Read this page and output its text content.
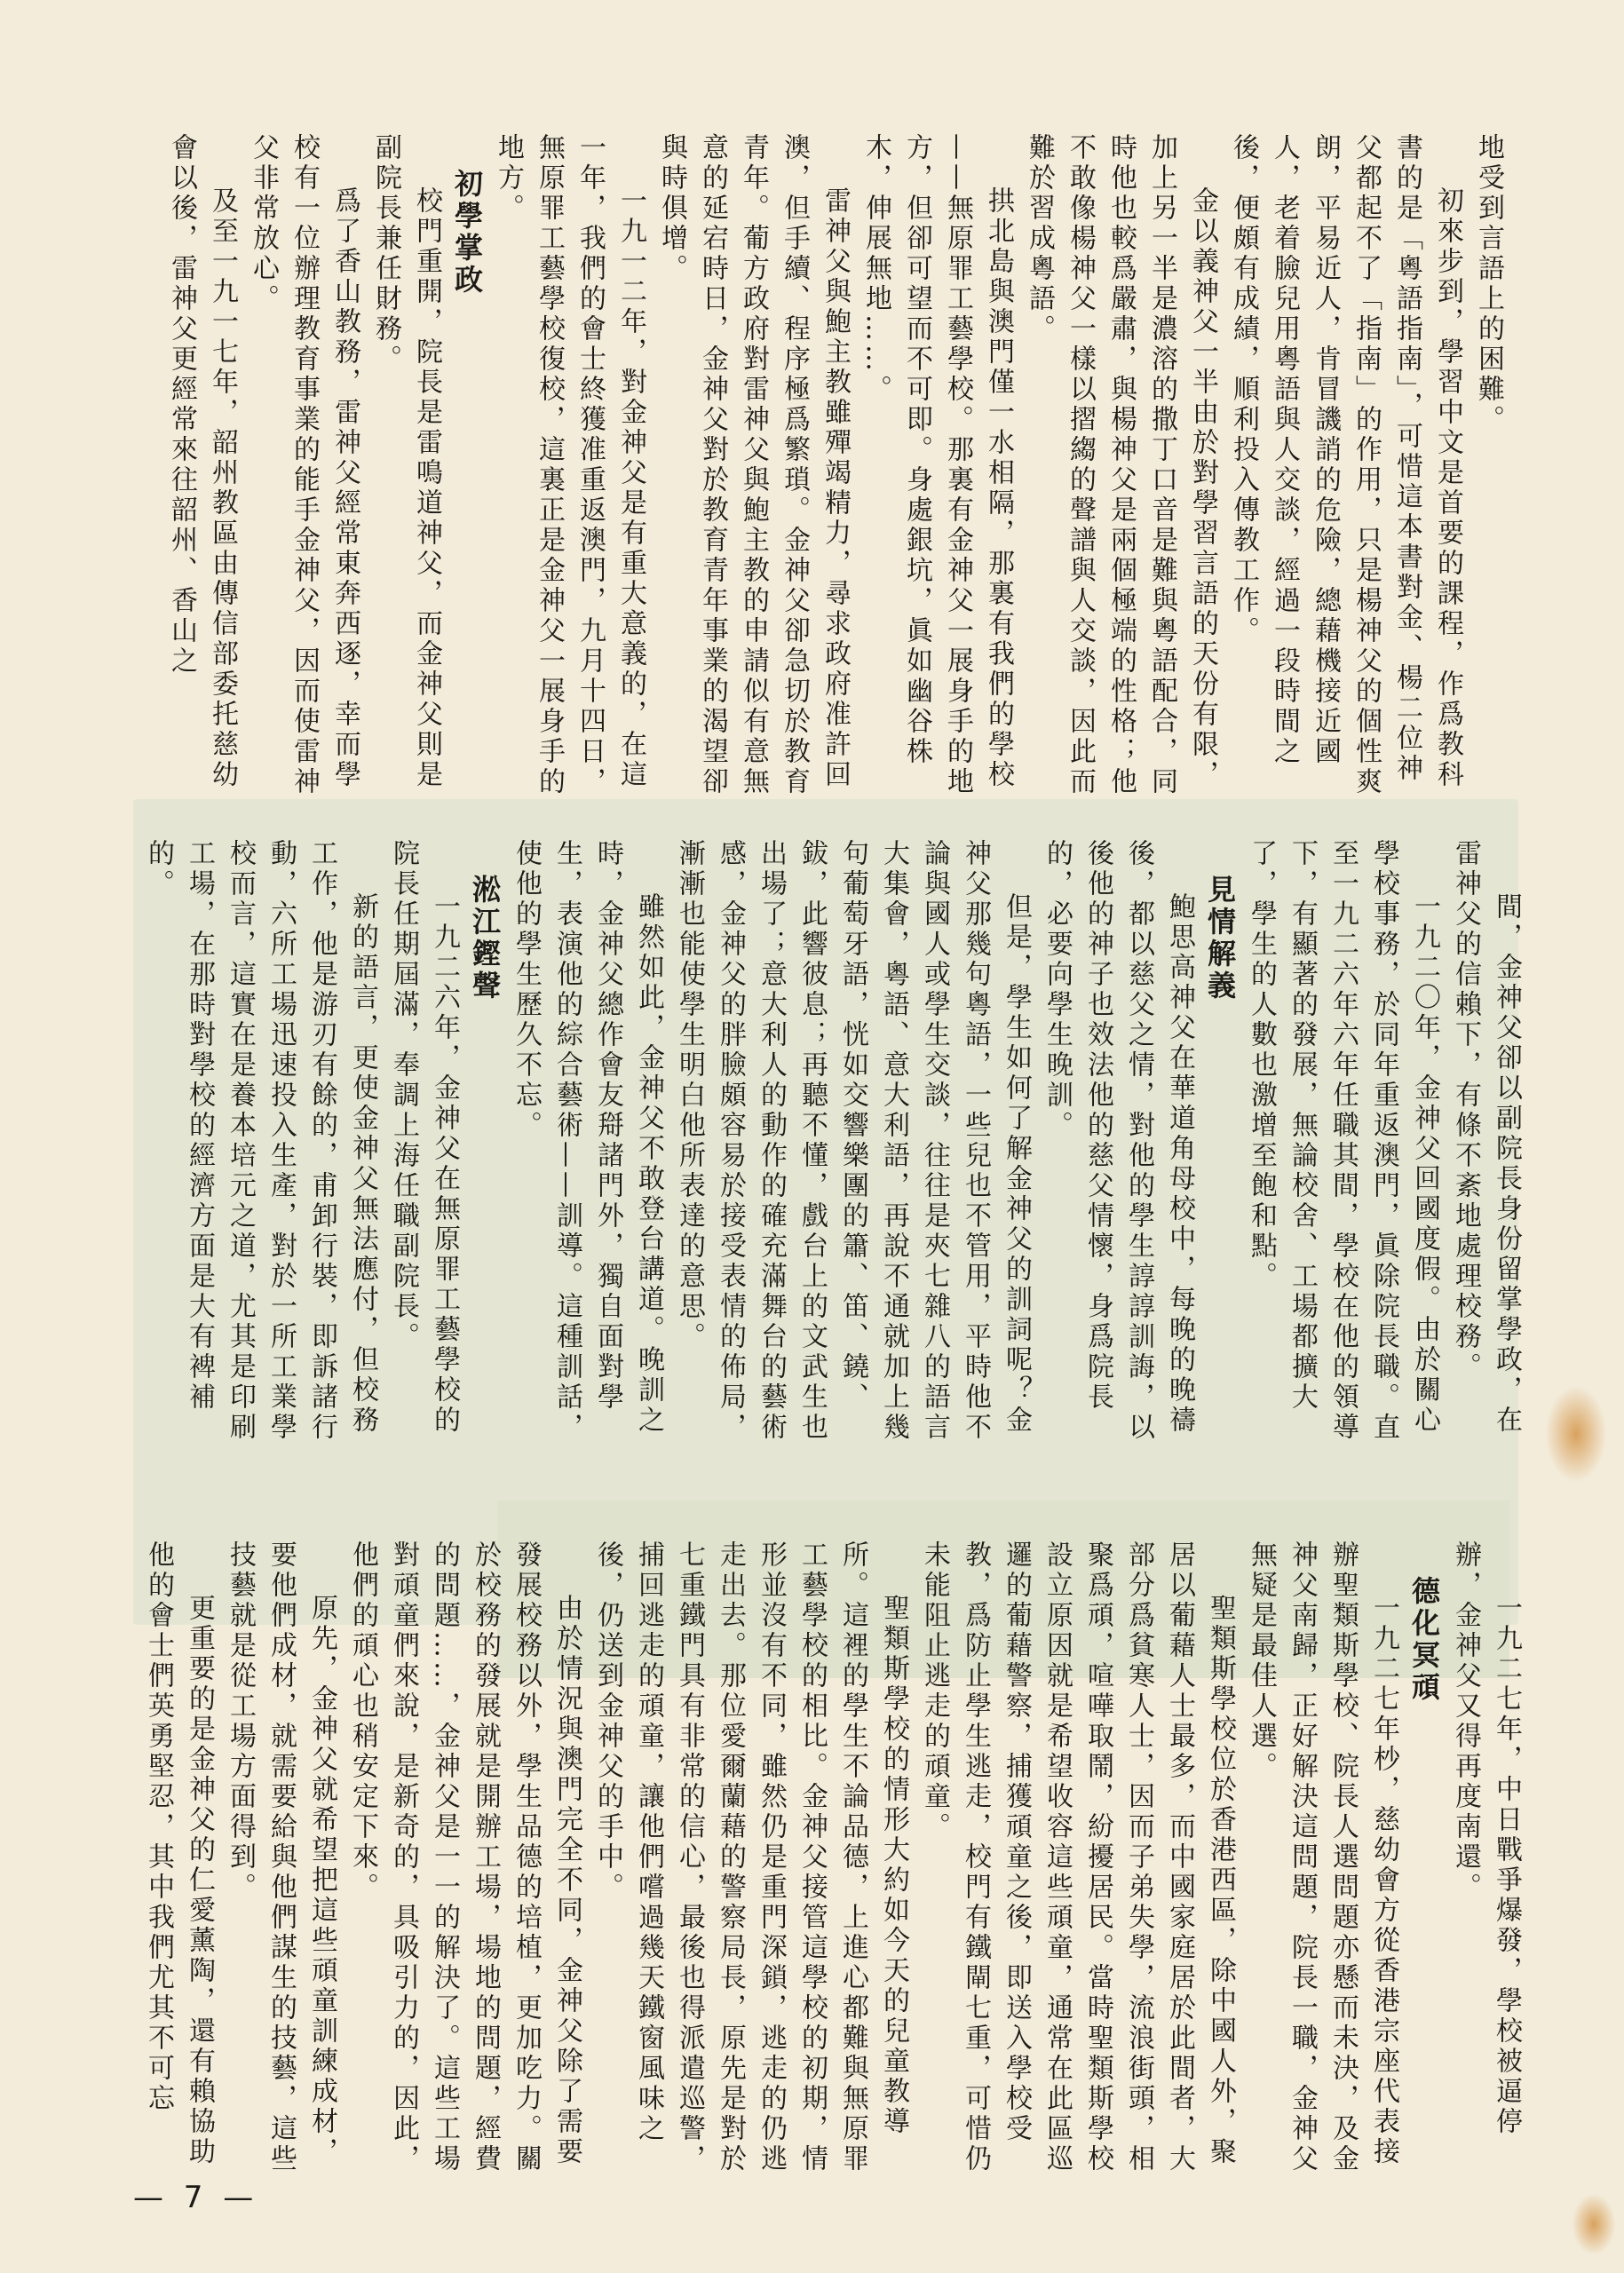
地受到言語上的困難。
初來步到，學習中文是首要的課程，作爲教科書的是「粵語指南」，可惜這本書對金、楊二位神父都起不了「指南」的作用，只是楊神父的個性爽朗，平易近人，肯冒譏誚的危險，總藉機接近國人，老着臉兒用粵語與人交談，經過一段時間之後，便頗有成績，順利投入傳教工作。
金以義神父一半由於對學習言語的天份有限，加上另一半是濃溶的撒丁口音是難與粵語配合，同時他也較爲嚴肅，與楊神父是兩個極端的性格；他不敢像楊神父一樣以摺縐的聲譜與人交談，因此而難於習成粵語。
拱北島與澳門僅一水相隔，那裏有我們的學校——無原罪工藝學校。那裏有金神父一展身手的地方，但卻可望而不可即。身處銀坑，眞如幽谷株木，伸展無地……。
雷神父與鮑主教雖殫竭精力，尋求政府准許回澳，但手續、程序極爲繁瑣。金神父卻急切於教育青年。葡方政府對雷神父與鮑主教的申請似有意無意的延宕時日，金神父對於教育青年事業的渴望卻與時俱增。
一九一二年，對金神父是有重大意義的，在這一年，我們的會士終獲准重返澳門，九月十四日，無原罪工藝學校復校，這裏正是金神父一展身手的地方。
初學掌政
校門重開，院長是雷鳴道神父，而金神父則是副院長兼任財務。
爲了香山教務，雷神父經常東奔西逐，幸而學校有一位辦理教育事業的能手金神父，因而使雷神父非常放心。
及至一九一七年，韶州教區由傳信部委托慈幼會以後，雷神父更經常來往韶州、香山之
間，金神父卻以副院長身份留掌學政，在雷神父的信賴下，有條不紊地處理校務。
一九二〇年，金神父回國度假。由於關心學校事務，於同年重返澳門，眞除院長職。直至一九二六年六年任職其間，學校在他的領導下，有顯著的發展，無論校舍、工場都擴大了，學生的人數也激增至飽和點。
見情解義
鮑思高神父在華道角母校中，每晚的晚禱後，都以慈父之情，對他的學生諄諄訓誨，以後他的神子也效法他的慈父情懷，身爲院長的，必要向學生晚訓。
但是，學生如何了解金神父的訓詞呢？金神父那幾句粵語，一些兒也不管用，平時他不論與國人或學生交談，往往是夾七雜八的語言大集會，粵語、意大利語，再說不通就加上幾句葡萄牙語，恍如交響樂團的簫、笛、鐃、鈸，此響彼息；再聽不懂，戲台上的文武生也出場了；意大利人的動作的確充滿舞台的藝術感，金神父的胖臉頗容易於接受表情的佈局，漸漸也能使學生明白他所表達的意思。
雖然如此，金神父不敢登台講道。晚訓之時，金神父總作會友搿諸門外，獨自面對學生，表演他的綜合藝術——訓導。這種訓話，使他的學生歷久不忘。
淞江鏗聲
一九二六年，金神父在無原罪工藝學校的院長任期屆滿，奉調上海任職副院長。
新的語言，更使金神父無法應付，但校務工作，他是游刃有餘的，甫卸行裝，即訴諸行動，六所工場迅速投入生產，對於一所工業學校而言，這實在是養本培元之道，尤其是印刷工場，在那時對學校的經濟方面是大有裨補的。
一九二七年，中日戰爭爆發，學校被逼停辦，金神父又得再度南還。
德化冥頑
一九二七年杪，慈幼會方從香港宗座代表接辦聖類斯學校、院長人選問題亦懸而未決，及金神父南歸，正好解決這問題，院長一職，金神父無疑是最佳人選。
聖類斯學校位於香港西區，除中國人外，聚居以葡藉人士最多，而中國家庭居於此間者，大部分爲貧寒人士，因而子弟失學，流浪街頭，相聚爲頑，喧嘩取鬧，紛擾居民。當時聖類斯學校設立原因就是希望收容這些頑童，通常在此區巡邏的葡藉警察，捕獲頑童之後，即送入學校受教，爲防止學生逃走，校門有鐵閘七重，可惜仍未能阻止逃走的頑童。
聖類斯學校的情形大約如今天的兒童教導所。這裡的學生不論品德，上進心都難與無原罪工藝學校的相比。金神父接管這學校的初期，情形並沒有不同，雖然仍是重門深鎖，逃走的仍逃走出去。那位愛爾蘭藉的警察局長，原先是對於七重鐵門具有非常的信心，最後也得派遣巡警，捕回逃走的頑童，讓他們嚐過幾天鐵窗風味之後，仍送到金神父的手中。
由於情況與澳門完全不同，金神父除了需要發展校務以外，學生品德的培植，更加吃力。關於校務的發展就是開辦工場，場地的問題，經費的問題……，金神父是一一的解決了。這些工場對頑童們來說，是新奇的，具吸引力的，因此，他們的頑心也稍安定下來。
原先，金神父就希望把這些頑童訓練成材，要他們成材，就需要給與他們謀生的技藝，這些技藝就是從工場方面得到。
更重要的是金神父的仁愛薰陶，還有賴協助他的會士們英勇堅忍，其中我們尤其不可忘
— 7 —
